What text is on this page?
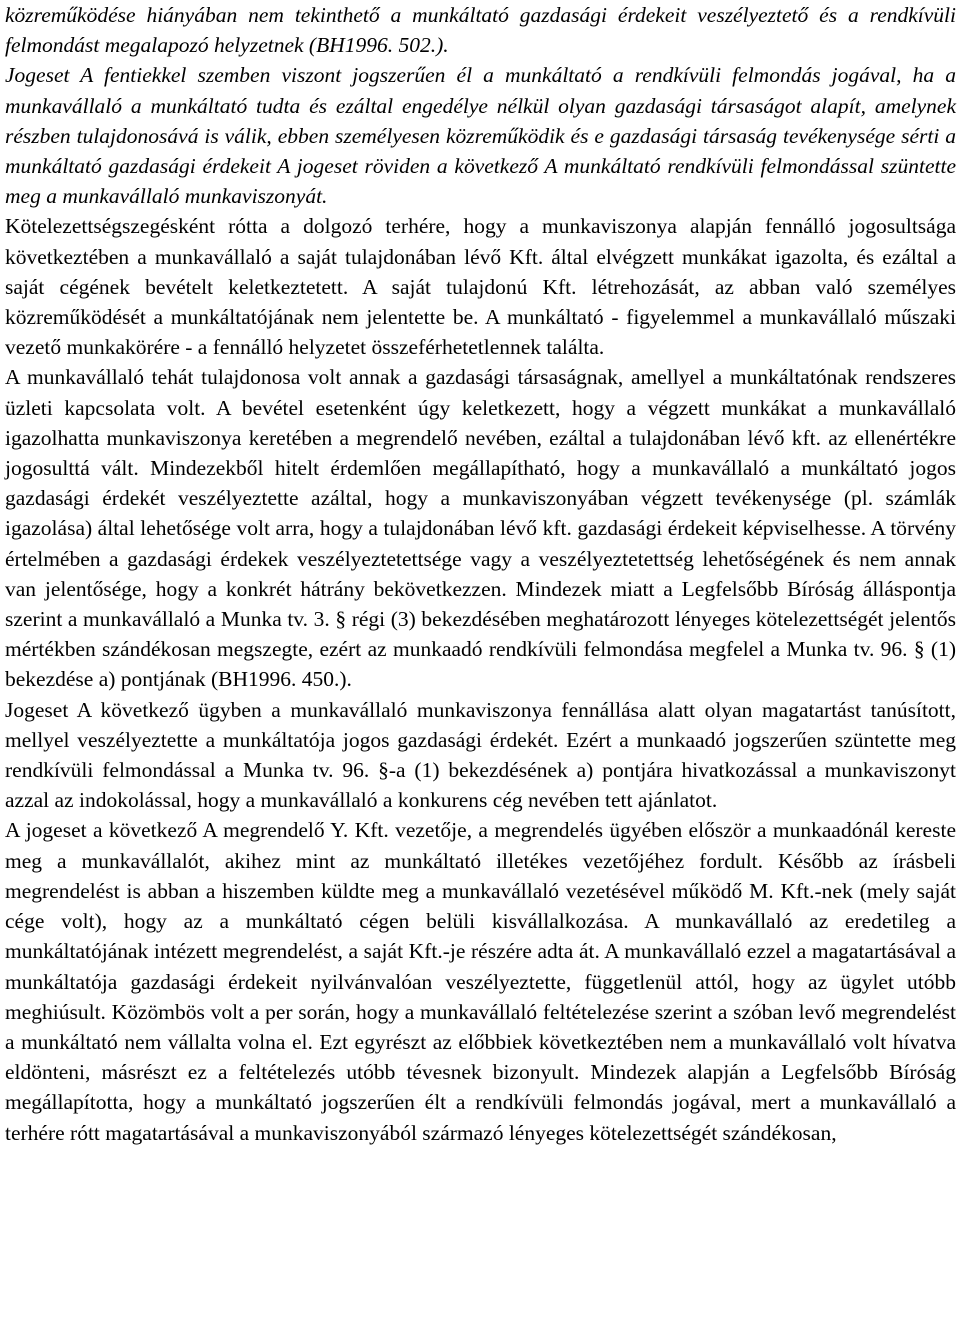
közreműködése hiányában nem tekinthető a munkáltató gazdasági érdekeit veszélyeztető és a rendkívüli felmondást megalapozó helyzetnek (BH1996. 502.).

Jogeset A fentiekkel szemben viszont jogszerűen él a munkáltató a rendkívüli felmondás jogával, ha a munkavállaló a munkáltató tudta és ezáltal engedélye nélkül olyan gazdasági társaságot alapít, amelynek részben tulajdonosává is válik, ebben személyesen közreműködik és e gazdasági társaság tevékenysége sérti a munkáltató gazdasági érdekeit A jogeset röviden a következő A munkáltató rendkívüli felmondással szüntette meg a munkavállaló munkaviszonyát.

Kötelezettségszegésként rótta a dolgozó terhére, hogy a munkaviszonya alapján fennálló jogosultsága következtében a munkavállaló a saját tulajdonában lévő Kft. által elvégzett munkákat igazolta, és ezáltal a saját cégének bevételt keletkeztetett. A saját tulajdonú Kft. létrehozását, az abban való személyes közreműködését a munkáltatójának nem jelentette be. A munkáltató - figyelemmel a munkavállaló műszaki vezető munkakörére - a fennálló helyzetet összeférhetetlennek találta.

A munkavállaló tehát tulajdonosa volt annak a gazdasági társaságnak, amellyel a munkáltatónak rendszeres üzleti kapcsolata volt. A bevétel esetenként úgy keletkezett, hogy a végzett munkákat a munkavállaló igazolhatta munkaviszonya keretében a megrendelő nevében, ezáltal a tulajdonában lévő kft. az ellenértékre jogosulttá vált. Mindezekből hitelt érdemlően megállapítható, hogy a munkavállaló a munkáltató jogos gazdasági érdekét veszélyeztette azáltal, hogy a munkaviszonyában végzett tevékenysége (pl. számlák igazolása) által lehetősége volt arra, hogy a tulajdonában lévő kft. gazdasági érdekeit képviselhesse. A törvény értelmében a gazdasági érdekek veszélyeztetettsége vagy a veszélyeztetettség lehetőségének és nem annak van jelentősége, hogy a konkrét hátrány bekövetkezzen. Mindezek miatt a Legfelsőbb Bíróság álláspontja szerint a munkavállaló a Munka tv. 3. § régi (3) bekezdésében meghatározott lényeges kötelezettségét jelentős mértékben szándékosan megszegte, ezért az munkaadó rendkívüli felmondása megfelel a Munka tv. 96. § (1) bekezdése a) pontjának (BH1996. 450.).

Jogeset A következő ügyben a munkavállaló munkaviszonya fennállása alatt olyan magatartást tanúsított, mellyel veszélyeztette a munkáltatója jogos gazdasági érdekét. Ezért a munkaadó jogszerűen szüntette meg rendkívüli felmondással a Munka tv. 96. §-a (1) bekezdésének a) pontjára hivatkozással a munkaviszonyt azzal az indokolással, hogy a munkavállaló a konkurens cég nevében tett ajánlatot.

A jogeset a következő A megrendelő Y. Kft. vezetője, a megrendelés ügyében először a munkaadónál kereste meg a munkavállalót, akihez mint az munkáltató illetékes vezetőjéhez fordult. Később az írásbeli megrendelést is abban a hiszemben küldte meg a munkavállaló vezetésével működő M. Kft.-nek (mely saját cége volt), hogy az a munkáltató cégen belüli kisvállalkozása. A munkavállaló az eredetileg a munkáltatójának intézett megrendelést, a saját Kft.-je részére adta át. A munkavállaló ezzel a magatartásával a munkáltatója gazdasági érdekeit nyilvánvalóan veszélyeztette, függetlenül attól, hogy az ügylet utóbb meghiúsult. Közömbös volt a per során, hogy a munkavállaló feltételezése szerint a szóban levő megrendelést a munkáltató nem vállalta volna el. Ezt egyrészt az előbbiek következtében nem a munkavállaló volt hívatva eldönteni, másrészt ez a feltételezés utóbb tévesnek bizonyult. Mindezek alapján a Legfelsőbb Bíróság megállapította, hogy a munkáltató jogszerűen élt a rendkívüli felmondás jogával, mert a munkavállaló a terhére rótt magatartásával a munkaviszonyából származó lényeges kötelezettségét szándékosan,
